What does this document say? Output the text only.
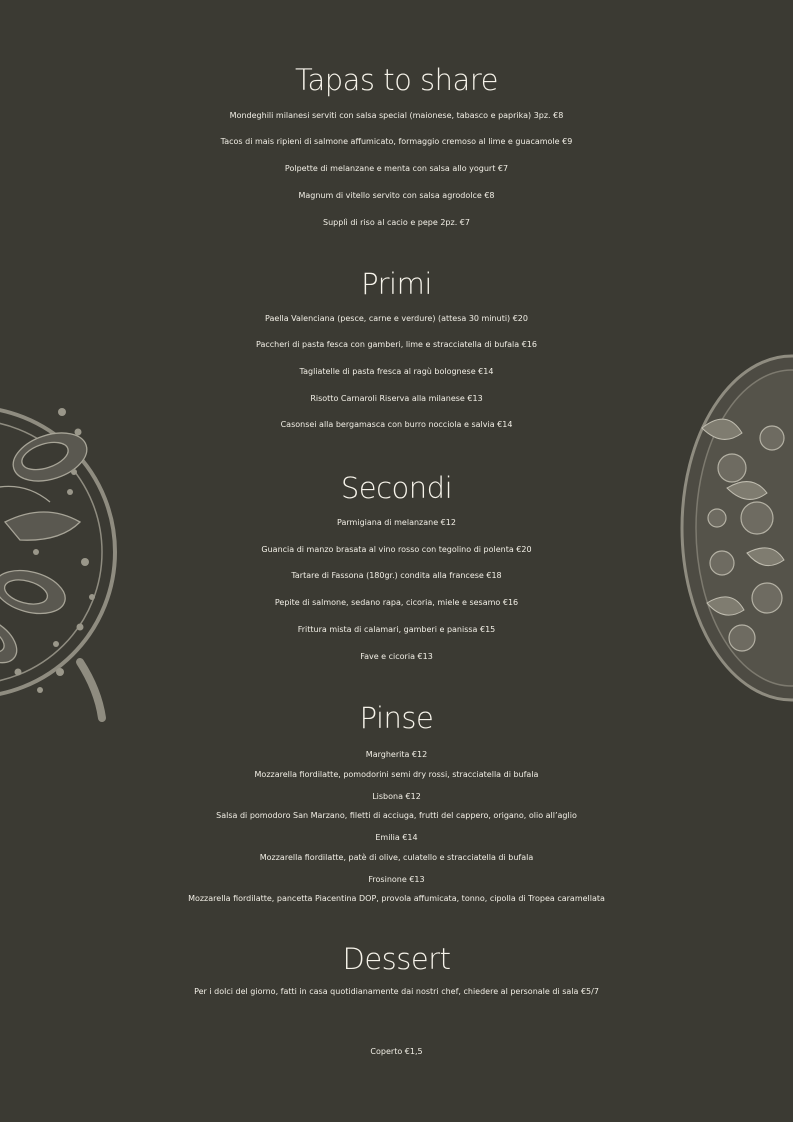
Tapas to share
Mondeghili milanesi serviti con salsa special (maionese, tabasco e paprika) 3pz. €8
Tacos di mais ripieni di salmone affumicato, formaggio cremoso al lime e guacamole €9
Polpette di melanzane e menta con salsa allo yogurt €7
Magnum di vitello servito con salsa agrodolce €8
Supplì di riso al cacio e pepe 2pz. €7
Primi
Paella Valenciana (pesce, carne e verdure) (attesa 30 minuti) €20
Paccheri di pasta fesca con gamberi, lime e stracciatella di bufala €16
Tagliatelle di pasta fresca al ragù bolognese €14
Risotto Carnaroli Riserva alla milanese €13
Casonsei alla bergamasca con burro nocciola e salvia €14
Secondi
Parmigiana di melanzane €12
Guancia di manzo brasata al vino rosso con tegolino di polenta €20
Tartare di Fassona (180gr.) condita alla francese €18
Pepite di salmone, sedano rapa, cicoria, miele e sesamo €16
Frittura mista di calamari, gamberi e panissa €15
Fave e cicoria €13
Pinse
Margherita €12
Mozzarella fiordilatte, pomodorini semi dry rossi, stracciatella di bufala
Lisbona €12
Salsa di pomodoro San Marzano, filetti di acciuga, frutti del cappero, origano, olio all’aglio
Emilia €14
Mozzarella fiordilatte, patè di olive, culatello e stracciatella di bufala
Frosinone €13
Mozzarella fiordilatte, pancetta Piacentina DOP, provola affumicata, tonno, cipolla di Tropea caramellata
Dessert
Per i dolci del giorno, fatti in casa quotidianamente dai nostri chef, chiedere al personale di sala €5/7
Coperto €1,5
